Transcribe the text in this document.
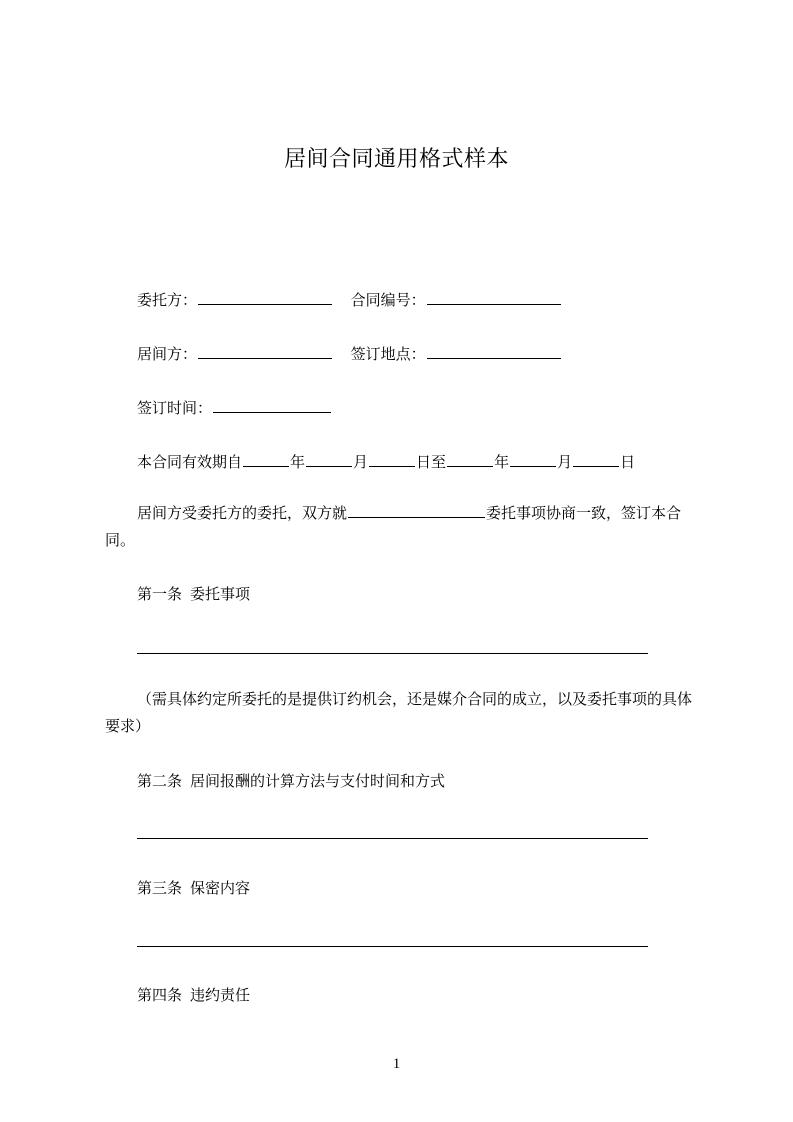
居间合同通用格式样本
委托方：	合同编号：
居间方：	签订地点：
签订时间：
本合同有效期自	年	月	日至	年	月	日
居间方受委托方的委托，双方就	委托事项协商一致，签订本合同。
第一条 委托事项
（需具体约定所委托的是提供订约机会，还是媒介合同的成立，以及委托事项的具体要求）
第二条 居间报酬的计算方法与支付时间和方式
第三条 保密内容
第四条 违约责任
1
